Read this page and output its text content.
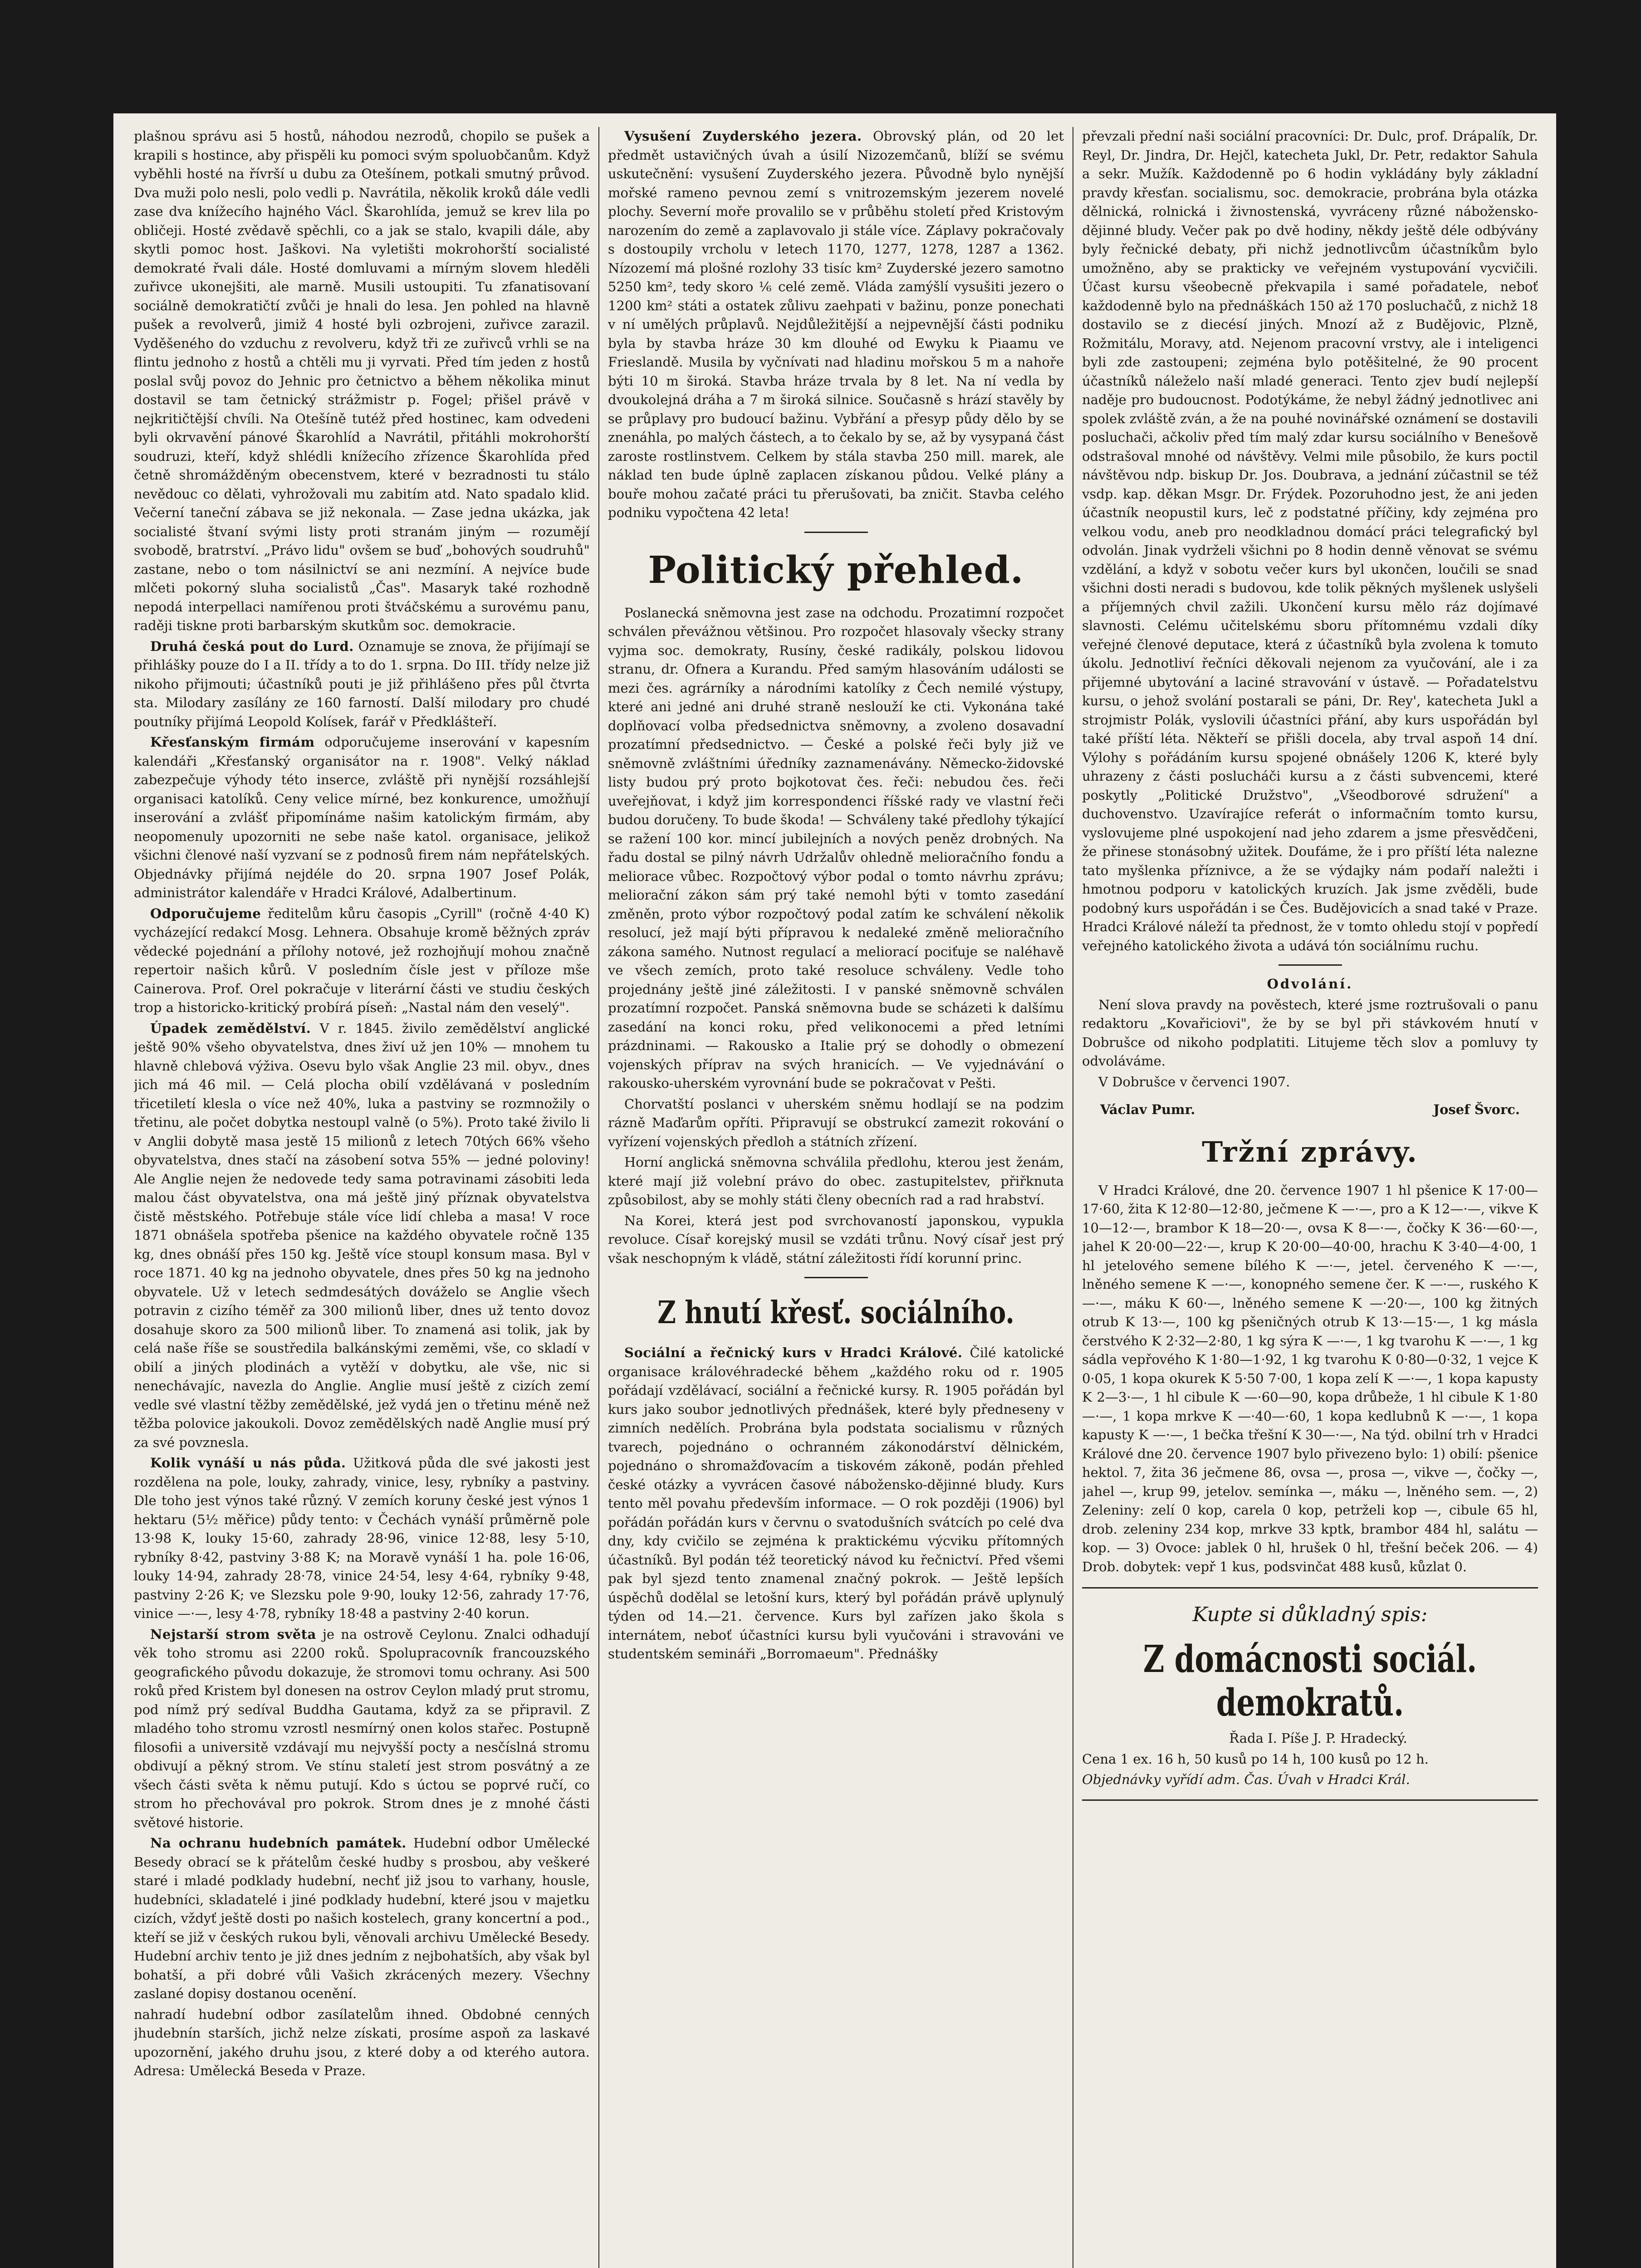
plašnou správu asi 5 hostů, náhodou nezrodů, chopilo se pušek a krapili s hostince, aby přispěli ku pomoci svým spoluobčanům. Když vyběhli hosté na řívrší u dubu za Otešínem, potkali smutný průvod. Dva muži polo nesli, polo vedli p. Navrátila, několik kroků dále vedli zase dva knížecího hajného Václ. Škarohlída, jemuž se krev lila po obličeji. Hosté zvědavě spěchli, co a jak se stalo, kvapili dále, aby skytli pomoc host. Jaškovi. Na vyletišti mokrohorští socialisté demokraté řvali dále. Hosté domluvami a mírným slovem hleděli zuřivce ukonejšiti, ale marně. Musili ustoupiti. Tu zfanatisovaní sociálně demokratičtí zvůči je hnali do lesa. Jen pohled na hlavně pušek a revolverů, jimiž 4 hosté byli ozbrojeni, zuřivce zarazil. Vyděšeného do vzduchu z revolveru, když tři ze zuřivců vrhli se na flintu jednoho z hostů a chtěli mu ji vyrvati. Před tím jeden z hostů poslal svůj povoz do Jehnic pro četnictvo a během několika minut dostavil se tam četnický strážmistr p. Fogel; přišel právě v nejkritičtější chvíli. Na Otešíně tutéž před hostinec, kam odvedeni byli okrvavění pánové Škarohlíd a Navrátil, přitáhli mokrohorští soudruzi, kteří, když shlédli knížecího zřízence Škarohlída před četně shromážděným obecenstvem, které v bezradnosti tu stálo nevědouc co dělati, vyhrožovali mu zabitím atd. Nato spadalo klid. Večerní taneční zábava se již nekonala. — Zase jedna ukázka, jak socialisté štvaní svými listy proti stranám jiným — rozumějí svobodě, bratrství. „Právo lidu" ovšem se buď „bohových soudruhů" zastane, nebo o tom násilnictví se ani nezmíní. A nejvíce bude mlčeti pokorný sluha socialistů „Čas". Masaryk také rozhodně nepodá interpellaci namířenou proti štváčskému a surovému panu, raději tiskne proti barbarským skutkům soc. demokracie.

Druhá česká pout do Lurd. Oznamuje se znova, že přijímají se přihlášky pouze do I a II. třídy a to do 1. srpna. Do III. třídy nelze již nikoho přijmouti; účastníků pouti je již přihlášeno přes půl čtvrta sta. Milodary zasílány ze 160 farností. Další milodary pro chudé poutníky přijímá Leopold Kolísek, farář v Předklášteří.

Křesťanským firmám odporučujeme inserování v kapesním kalendáři „Křesťanský organisátor na r. 1908". Velký náklad zabezpečuje výhody této inserce, zvláště při nynější rozsáhlejší organisaci katolíků. Ceny velice mírné, bez konkurence, umožňují inserování a zvlášť připomínáme našim katolickým firmám, aby neopomenuly upozorniti ne sebe naše katol. organisace, jelikož všichni členové naší vyzvaní se z podnosů firem nám nepřátelských. Objednávky přijímá nejdéle do 20. srpna 1907 Josef Polák, administrátor kalendáře v Hradci Králové, Adalbertinum.

Odporučujeme ředitelům kůru časopis „Cyrill" (ročně 4·40 K) vycházející redakcí Mosg. Lehnera. Obsahuje kromě běžných zpráv vědecké pojednání a přílohy notové, jež rozhojňují mohou značně repertoir našich kůrů. V posledním čísle jest v příloze mše Cainerova. Prof. Orel pokračuje v literární části ve studiu českých trop a historicko-kritický probírá píseň: „Nastal nám den veselý".

Úpadek zemědělství. V r. 1845. živilo zemědělství anglické ještě 90% všeho obyvatelstva, dnes živí už jen 10% — mnohem tu hlavně chlebová výživa. Osevu bylo však Anglie 23 mil. obyv., dnes jich má 46 mil. — Celá plocha obilí vzdělávaná v posledním třicetiletí klesla o více než 40%, luka a pastviny se rozmnožily o třetinu, ale počet dobytka nestoupl valně (o 5%). Proto také živilo li v Anglii dobytě masa jestě 15 milionů z letech 70tých 66% všeho obyvatelstva, dnes stačí na zásobení sotva 55% — jedné poloviny! Ale Anglie nejen že nedovede tedy sama potravinami zásobiti leda malou část obyvatelstva, ona má ještě jiný příznak obyvatelstva čistě městského. Potřebuje stále více lidí chleba a masa! V roce 1871 obnášela spotřeba pšenice na každého obyvatele ročně 135 kg, dnes obnáší přes 150 kg. Ještě více stoupl konsum masa. Byl v roce 1871. 40 kg na jednoho obyvatele, dnes přes 50 kg na jednoho obyvatele. Už v letech sedmdesátých dováželo se Anglie všech potravin z cizího téměř za 300 milionů liber, dnes už tento dovoz dosahuje skoro za 500 milionů liber. To znamená asi tolik, jak by celá naše říše se soustředila balkánskými zeměmi, vše, co skladí v obilí a jiných plodinách a vytěží v dobytku, ale vše, nic si nenechávajíc, navezla do Anglie. Anglie musí ještě z cizích zemí vedle své vlastní těžby zemědělské, jež vydá jen o třetinu méně než těžba polovice jakoukoli. Dovoz zemědělských nadě Anglie musí prý za své povznesla.

Kolik vynáší u nás půda. Užitková půda dle své jakosti jest rozdělena na pole, louky, zahrady, vinice, lesy, rybníky a pastviny. Dle toho jest výnos také různý. V zemích koruny české jest výnos 1 hektaru (5½ měřice) půdy tento: v Čechách vynáší průměrně pole 13·98 K, louky 15·60, zahrady 28·96, vinice 12·88, lesy 5·10, rybníky 8·42, pastviny 3·88 K; na Moravě vynáší 1 ha. pole 16·06, louky 14·94, zahrady 28·78, vinice 24·54, lesy 4·64, rybníky 9·48, pastviny 2·26 K; ve Slezsku pole 9·90, louky 12·56, zahrady 17·76, vinice —·—, lesy 4·78, rybníky 18·48 a pastviny 2·40 korun.

Nejstarší strom světa je na ostrově Ceylonu. Znalci odhadují věk toho stromu asi 2200 roků. Spolupracovník francouzského geografického původu dokazuje, že stromovi tomu ochrany. Asi 500 roků před Kristem byl donesen na ostrov Ceylon mladý prut stromu, pod nímž prý sedíval Buddha Gautama, když za se připravil. Z mladého toho stromu vzrostl nesmírný onen kolos stařec. Postupně filosofii a universitě vzdávají mu nejvyšší pocty a nesčíslná stromu obdivují a pěkný strom. Ve stínu staletí jest strom posvátný a ze všech části světa k němu putují. Kdo s úctou se poprvé ručí, co strom ho přechovával pro pokrok. Strom dnes je z mnohé části světové historie.

Na ochranu hudebních památek. Hudební odbor Umělecké Besedy obrací se k přátelům české hudby s prosbou, aby veškeré staré i mladé podklady hudební, nechť již jsou to varhany, housle, hudebníci, skladatelé i jiné podklady hudební, které jsou v majetku cizích, vždyť ještě dosti po našich kostelech, grany koncertní a pod., kteří se již v českých rukou byli, věnovali archivu Umělecké Besedy. Hudební archiv tento je již dnes jedním z nejbohatších, aby však byl bohatší, a při dobré vůli Vašich zkrácených mezery. Všechny zaslané dopisy dostanou ocenění.

nahradí hudební odbor zasílatelům ihned. Obdobné cenných jhudebnín starších, jichž nelze získati, prosíme aspoň za laskavé upozornění, jakého druhu jsou, z které doby a od kterého autora. Adresa: Umělecká Beseda v Praze.

Vysušení Zuyderského jezera. Obrovský plán, od 20 let předmět ustavičných úvah a úsilí Nizozemčanů, blíží se svému uskutečnění: vysušení Zuyderského jezera. Původně bylo nynější mořské rameno pevnou zemí s vnitrozemským jezerem novelé plochy. Severní moře provalilo se v průběhu století před Kristovým narozením do země a zaplavovalo ji stále více. Záplavy pokračovaly s dostoupily vrcholu v letech 1170, 1277, 1278, 1287 a 1362. Nízozemí má plošné rozlohy 33 tisíc km² Zuyderské jezero samotno 5250 km², tedy skoro ⅙ celé země. Vláda zamýšlí vysušiti jezero o 1200 km² státi a ostatek zůlivu zaehpati v bažinu, ponze ponechati v ní umělých průplavů. Nejdůležitější a nejpevnější části podniku byla by stavba hráze 30 km dlouhé od Ewyku k Piaamu ve Frieslandě. Musila by vyčnívati nad hladinu mořskou 5 m a nahoře býti 10 m široká. Stavba hráze trvala by 8 let. Na ní vedla by dvoukolejná dráha a 7 m široká silnice. Současně s hrází stavěly by se průplavy pro budoucí bažinu. Vybřání a přesyp půdy dělo by se znenáhla, po malých částech, a to čekalo by se, až by vysypaná část zaroste rostlinstvem. Celkem by stála stavba 250 mill. marek, ale náklad ten bude úplně zaplacen získanou půdou. Velké plány a bouře mohou začaté práci tu přerušovati, ba zničit. Stavba celého podniku vypočtena 42 leta!

Politický přehled.

Poslanecká sněmovna jest zase na odchodu. Prozatimní rozpočet schválen převážnou většinou. Pro rozpočet hlasovaly všecky strany vyjma soc. demokraty, Rusíny, české radikály, polskou lidovou stranu, dr. Ofnera a Kurandu. Před samým hlasováním události se mezi čes. agrárníky a národními katolíky z Čech nemilé výstupy, které ani jedné ani druhé straně neslouží ke cti. Vykonána také doplňovací volba předsednictva sněmovny, a zvoleno dosavadní prozatímní předsednictvo. — České a polské řeči byly již ve sněmovně zvláštními úředníky zaznamenávány. Německo-židovské listy budou prý proto bojkotovat čes. řeči: nebudou čes. řeči uveřejňovat, i když jim korrespondenci říšské rady ve vlastní řeči budou doručeny. To bude škoda! — Schváleny také předlohy týkající se ražení 100 kor. mincí jubilejních a nových peněz drobných. Na řadu dostal se pilný návrh Udržalův ohledně melioračního fondu a meliorace vůbec. Rozpočtový výbor podal o tomto návrhu zprávu; meliorační zákon sám prý také nemohl býti v tomto zasedání změněn, proto výbor rozpočtový podal zatím ke schválení několik resolucí, jež mají býti přípravou k nedaleké změně melioračního zákona samého. Nutnost regulací a meliorací pociťuje se naléhavě ve všech zemích, proto také resoluce schváleny. Vedle toho projednány ještě jiné záležitosti. I v panské sněmovně schválen prozatímní rozpočet. Panská sněmovna bude se scházeti k dalšímu zasedání na konci roku, před velikonocemi a před letními prázdninami. — Rakousko a Italie prý se dohodly o obmezení vojenských příprav na svých hranicích. — Ve vyjednávání o rakousko-uherském vyrovnání bude se pokračovat v Pešti.

Chorvatští poslanci v uherském sněmu hodlají se na podzim rázně Maďarům opříti. Připravují se obstrukcí zamezit rokování o vyřízení vojenských předloh a státních zřízení.

Horní anglická sněmovna schválila předlohu, kterou jest ženám, které mají již volební právo do obec. zastupitelstev, přiřknuta způsobilost, aby se mohly státi členy obecních rad a rad hrabství.

Na Korei, která jest pod svrchovaností japonskou, vypukla revoluce. Císař korejský musil se vzdáti trůnu. Nový císař jest prý však neschopným k vládě, státní záležitosti řídí korunní princ.

Z hnutí křesť. sociálního.

Sociální a řečnický kurs v Hradci Králové. Čilé katolické organisace královéhradecké během „každého roku od r. 1905 pořádají vzdělávací, sociální a řečnické kursy. R. 1905 pořádán byl kurs jako soubor jednotlivých přednášek, které byly předneseny v zimních nedělích. Probrána byla podstata socialismu v různých tvarech, pojednáno o ochranném zákonodárství dělnickém, pojednáno o shromažďovacím a tiskovém zákoně, podán přehled české otázky a vyvrácen časové nábožensko-dějinné bludy. Kurs tento měl povahu především informace. — O rok později (1906) byl pořádán pořádán kurs v červnu o svatodušních svátcích po celé dva dny, kdy cvičilo se zejména k praktickému výcviku přítomných účastníků. Byl podán též teoretický návod ku řečnictví. Před všemi pak byl sjezd tento znamenal značný pokrok. — Ještě lepších úspěchů dodělal se letošní kurs, který byl pořádán právě uplynulý týden od 14.—21. července. Kurs byl zařízen jako škola s internátem, neboť účastníci kursu byli vyučováni i stravováni ve studentském semináři „Borromaeum". Přednášky

převzali přední naši sociální pracovníci: Dr. Dulc, prof. Drápalík, Dr. Reyl, Dr. Jindra, Dr. Hejčl, katecheta Jukl, Dr. Petr, redaktor Sahula a sekr. Mužík. Každodenně po 6 hodin vykládány byly základní pravdy křesťan. socialismu, soc. demokracie, probrána byla otázka dělnická, rolnická i živnostenská, vyvráceny různé nábožensko-dějinné bludy. Večer pak po dvě hodiny, někdy ještě déle odbývány byly řečnické debaty, při nichž jednotlivcům účastníkům bylo umožněno, aby se prakticky ve veřejném vystupování vycvičili. Účast kursu všeobecně překvapila i samé pořadatele, neboť každodenně bylo na přednáškách 150 až 170 posluchačů, z nichž 18 dostavilo se z diecésí jiných. Mnozí až z Budějovic, Plzně, Rožmitálu, Moravy, atd. Nejenom pracovní vrstvy, ale i inteligenci byli zde zastoupeni; zejména bylo potěšitelné, že 90 procent účastníků náleželo naší mladé generaci. Tento zjev budí nejlepší naděje pro budoucnost. Podotýkáme, že nebyl žádný jednotlivec ani spolek zvláště zván, a že na pouhé novinářské oznámení se dostavili posluchači, ačkoliv před tím malý zdar kursu sociálního v Benešově odstrašoval mnohé od návštěvy. Velmi mile působilo, že kurs poctil návštěvou ndp. biskup Dr. Jos. Doubrava, a jednání zúčastnil se též vsdp. kap. děkan Msgr. Dr. Frýdek. Pozoruhodno jest, že ani jeden účastník neopustil kurs, leč z podstatné příčiny, kdy zejména pro velkou vodu, aneb pro neodkladnou domácí práci telegrafický byl odvolán. Jinak vydrželi všichni po 8 hodin denně věnovat se svému vzdělání, a když v sobotu večer kurs byl ukončen, loučili se snad všichni dosti neradi s budovou, kde tolik pěkných myšlenek uslyšeli a příjemných chvil zažili. Ukončení kursu mělo ráz dojímavé slavnosti. Celému učitelskému sboru přítomnému vzdali díky veřejné členové deputace, která z účastníků byla zvolena k tomuto úkolu. Jednotliví řečníci děkovali nejenom za vyučování, ale i za přijemné ubytování a laciné stravování v ústavě. — Pořadatelstvu kursu, o jehož svolání postarali se páni, Dr. Rey', katecheta Jukl a strojmistr Polák, vyslovili účastníci přání, aby kurs uspořádán byl také příští léta. Někteří se přišli docela, aby trval aspoň 14 dní. Výlohy s pořádáním kursu spojené obnášely 1206 K, které byly uhrazeny z části poslucháči kursu a z části subvencemi, které poskytly „Politické Družstvo", „Všeodborové sdružení" a duchovenstvo. Uzavírajíce referát o informačním tomto kursu, vyslovujeme plné uspokojení nad jeho zdarem a jsme přesvědčeni, že přinese stonásobný užitek. Doufáme, že i pro příští léta nalezne tato myšlenka příznivce, a že se výdajky nám podaří naležti i hmotnou podporu v katolických kruzích. Jak jsme zvěděli, bude podobný kurs uspořádán i se Čes. Budějovicích a snad také v Praze. Hradci Králové náleží ta přednost, že v tomto ohledu stojí v popředí veřejného katolického života a udává tón sociálnímu ruchu.

Odvolání.

Není slova pravdy na pověstech, které jsme roztrušovali o panu redaktoru „Kovařiciovi", že by se byl při stávkovém hnutí v Dobrušce od nikoho podplatiti. Litujeme těch slov a pomluvy ty odvoláváme.

V Dobrušce v červenci 1907.

Václav Pumr.	Josef Švorc.
Tržní zprávy.

V Hradci Králové, dne 20. července 1907 1 hl pšenice K 17·00—17·60, žita K 12·80—12·80, ječmene K —·—, pro a K 12—·—, vikve K 10—12·—, brambor K 18—20·—, ovsa K 8—·—, čočky K 36·—60·—, jahel K 20·00—22·—, krup K 20·00—40·00, hrachu K 3·40—4·00, 1 hl jetelového semene bílého K —·—, jetel. červeného K —·—, lněného semene K —·—, konopného semene čer. K —·—, ruského K —·—, máku K 60·—, lněného semene K —·20·—, 100 kg žitných otrub K 13·—, 100 kg pšeničných otrub K 13·—15·—, 1 kg másla čerstvého K 2·32—2·80, 1 kg sýra K —·—, 1 kg tvarohu K —·—, 1 kg sádla vepřového K 1·80—1·92, 1 kg tvarohu K 0·80—0·32, 1 vejce K 0·05, 1 kopa okurek K 5·50 7·00, 1 kopa zelí K —·—, 1 kopa kapusty K 2—3·—, 1 hl cibule K —·60—90, kopa drůbeže, 1 hl cibule K 1·80—·—, 1 kopa mrkve K —·40—·60, 1 kopa kedlubnů K —·—, 1 kopa kapusty K —·—, 1 bečka třešní K 30—·—, Na týd. obilní trh v Hradci Králové dne 20. července 1907 bylo přivezeno bylo: 1) obilí: pšenice hektol. 7, žita 36 ječmene 86, ovsa —, prosa —, vikve —, čočky —, jahel —, krup 99, jetelov. semínka —, máku —, lněného sem. —, 2) Zeleniny: zelí 0 kop, carela 0 kop, petrželi kop —, cibule 65 hl, drob. zeleniny 234 kop, mrkve 33 kptk, brambor 484 hl, salátu — kop. — 3) Ovoce: jablek 0 hl, hrušek 0 hl, třešní beček 206. — 4) Drob. dobytek: vepř 1 kus, podsvinčat 488 kusů, kůzlat 0.

Kupte si důkladný spis:
Z domácnosti sociál. demokratů.

Řada I. Píše J. P. Hradecký.

Cena 1 ex. 16 h, 50 kusů po 14 h, 100 kusů po 12 h.

Objednávky vyřídí adm. Čas. Úvah v Hradci Král.
